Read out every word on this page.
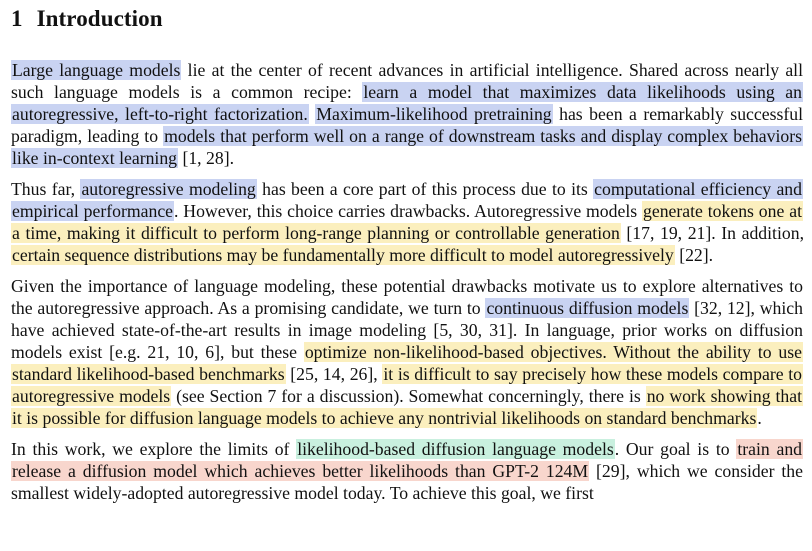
1 Introduction

Large language models lie at the center of recent advances in artificial intelligence. Shared across nearly all such language models is a common recipe: learn a model that maximizes data likelihoods using an autoregressive, left-to-right factorization. Maximum-likelihood pretraining has been a remarkably successful paradigm, leading to models that perform well on a range of downstream tasks and display complex behaviors like in-context learning [1, 28].

Thus far, autoregressive modeling has been a core part of this process due to its computational efficiency and empirical performance. However, this choice carries drawbacks. Autoregressive models generate tokens one at a time, making it difficult to perform long-range planning or controllable generation [17, 19, 21]. In addition, certain sequence distributions may be fundamentally more difficult to model autoregressively [22].

Given the importance of language modeling, these potential drawbacks motivate us to explore alternatives to the autoregressive approach. As a promising candidate, we turn to continuous diffusion models [32, 12], which have achieved state-of-the-art results in image modeling [5, 30, 31]. In language, prior works on diffusion models exist [e.g. 21, 10, 6], but these optimize non-likelihood-based objectives. Without the ability to use standard likelihood-based benchmarks [25, 14, 26], it is difficult to say precisely how these models compare to autoregressive models (see Section 7 for a discussion). Somewhat concerningly, there is no work showing that it is possible for diffusion language models to achieve any nontrivial likelihoods on standard benchmarks.

In this work, we explore the limits of likelihood-based diffusion language models. Our goal is to train and release a diffusion model which achieves better likelihoods than GPT-2 124M [29], which we consider the smallest widely-adopted autoregressive model today. To achieve this goal, we first
